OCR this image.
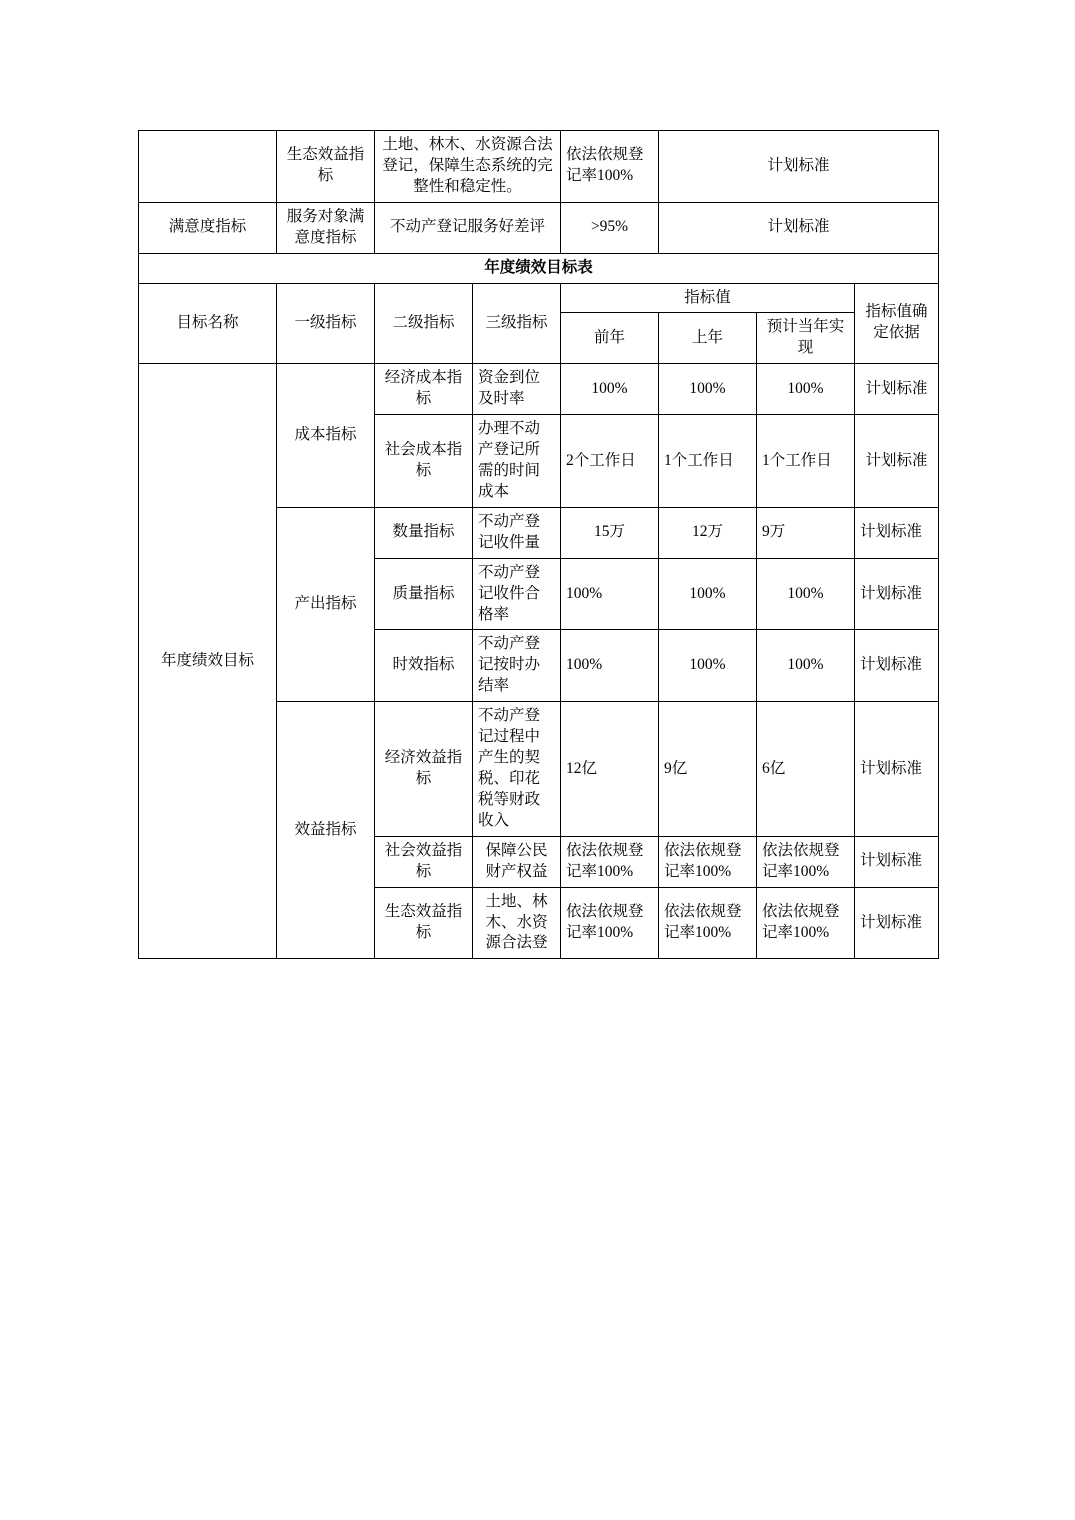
	生态效益指标	土地、林木、水资源合法登记，保障生态系统的完整性和稳定性。		依法依规登记率100%	计划标准		
满意度指标	服务对象满意度指标	不动产登记服务好差评		>95%	计划标准		
年度绩效目标表							
目标名称	一级指标	二级指标	三级指标	指标值			指标值确定依据
				前年	上年	预计当年实现	
年度绩效目标	成本指标	经济成本指标	资金到位及时率	100%	100%	100%	计划标准
		社会成本指标	办理不动产登记所需的时间成本	2个工作日	1个工作日	1个工作日	计划标准
	产出指标	数量指标	不动产登记收件量	15万	12万	9万	计划标准
		质量指标	不动产登记收件合格率	100%	100%	100%	计划标准
		时效指标	不动产登记按时办结率	100%	100%	100%	计划标准
	效益指标	经济效益指标	不动产登记过程中产生的契税、印花税等财政收入	12亿	9亿	6亿	计划标准
		社会效益指标	保障公民财产权益	依法依规登记率100%	依法依规登记率100%	依法依规登记率100%	计划标准
		生态效益指标	土地、林木、水资源合法登	依法依规登记率100%	依法依规登记率100%	依法依规登记率100%	计划标准
